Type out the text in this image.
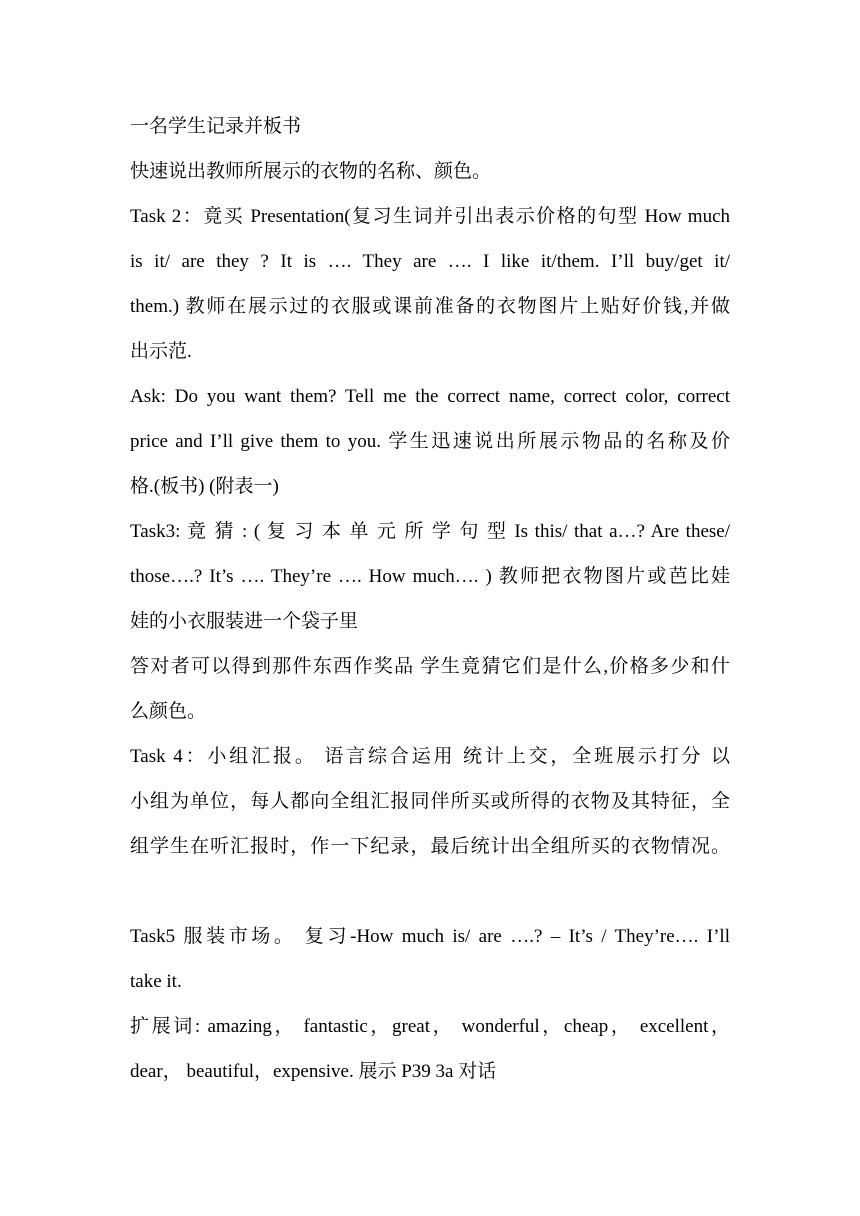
一名学生记录并板书
快速说出教师所展示的衣物的名称、颜色。
Task 2：竟买 Presentation(复习生词并引出表示价格的句型 How much
is it/ are they ? It is …. They are …. I like it/them. I’ll buy/get it/
them.) 教师在展示过的衣服或课前准备的衣物图片上贴好价钱,并做
出示范.
Ask: Do you want them? Tell me the correct name, correct color, correct
price and I’ll give them to you. 学生迅速说出所展示物品的名称及价
格.(板书) (附表一)
Task3: 竟 猜 : ( 复 习 本 单 元 所 学 句 型 Is this/ that a…? Are these/
those….? It’s …. They’re …. How much…. ) 教师把衣物图片或芭比娃
娃的小衣服装进一个袋子里
答对者可以得到那件东西作奖品 学生竟猜它们是什么,价格多少和什
么颜色。
Task 4：小组汇报。 语言综合运用 统计上交，全班展示打分 以
小组为单位，每人都向全组汇报同伴所买或所得的衣物及其特征，全
组学生在听汇报时，作一下纪录，最后统计出全组所买的衣物情况。
Task5 服装市场。 复习-How much is/ are ….? – It’s / They’re…. I’ll
take it.
扩展词: amazing， fantastic，great， wonderful，cheap， excellent，
dear， beautiful，expensive. 展示 P39 3a 对话
